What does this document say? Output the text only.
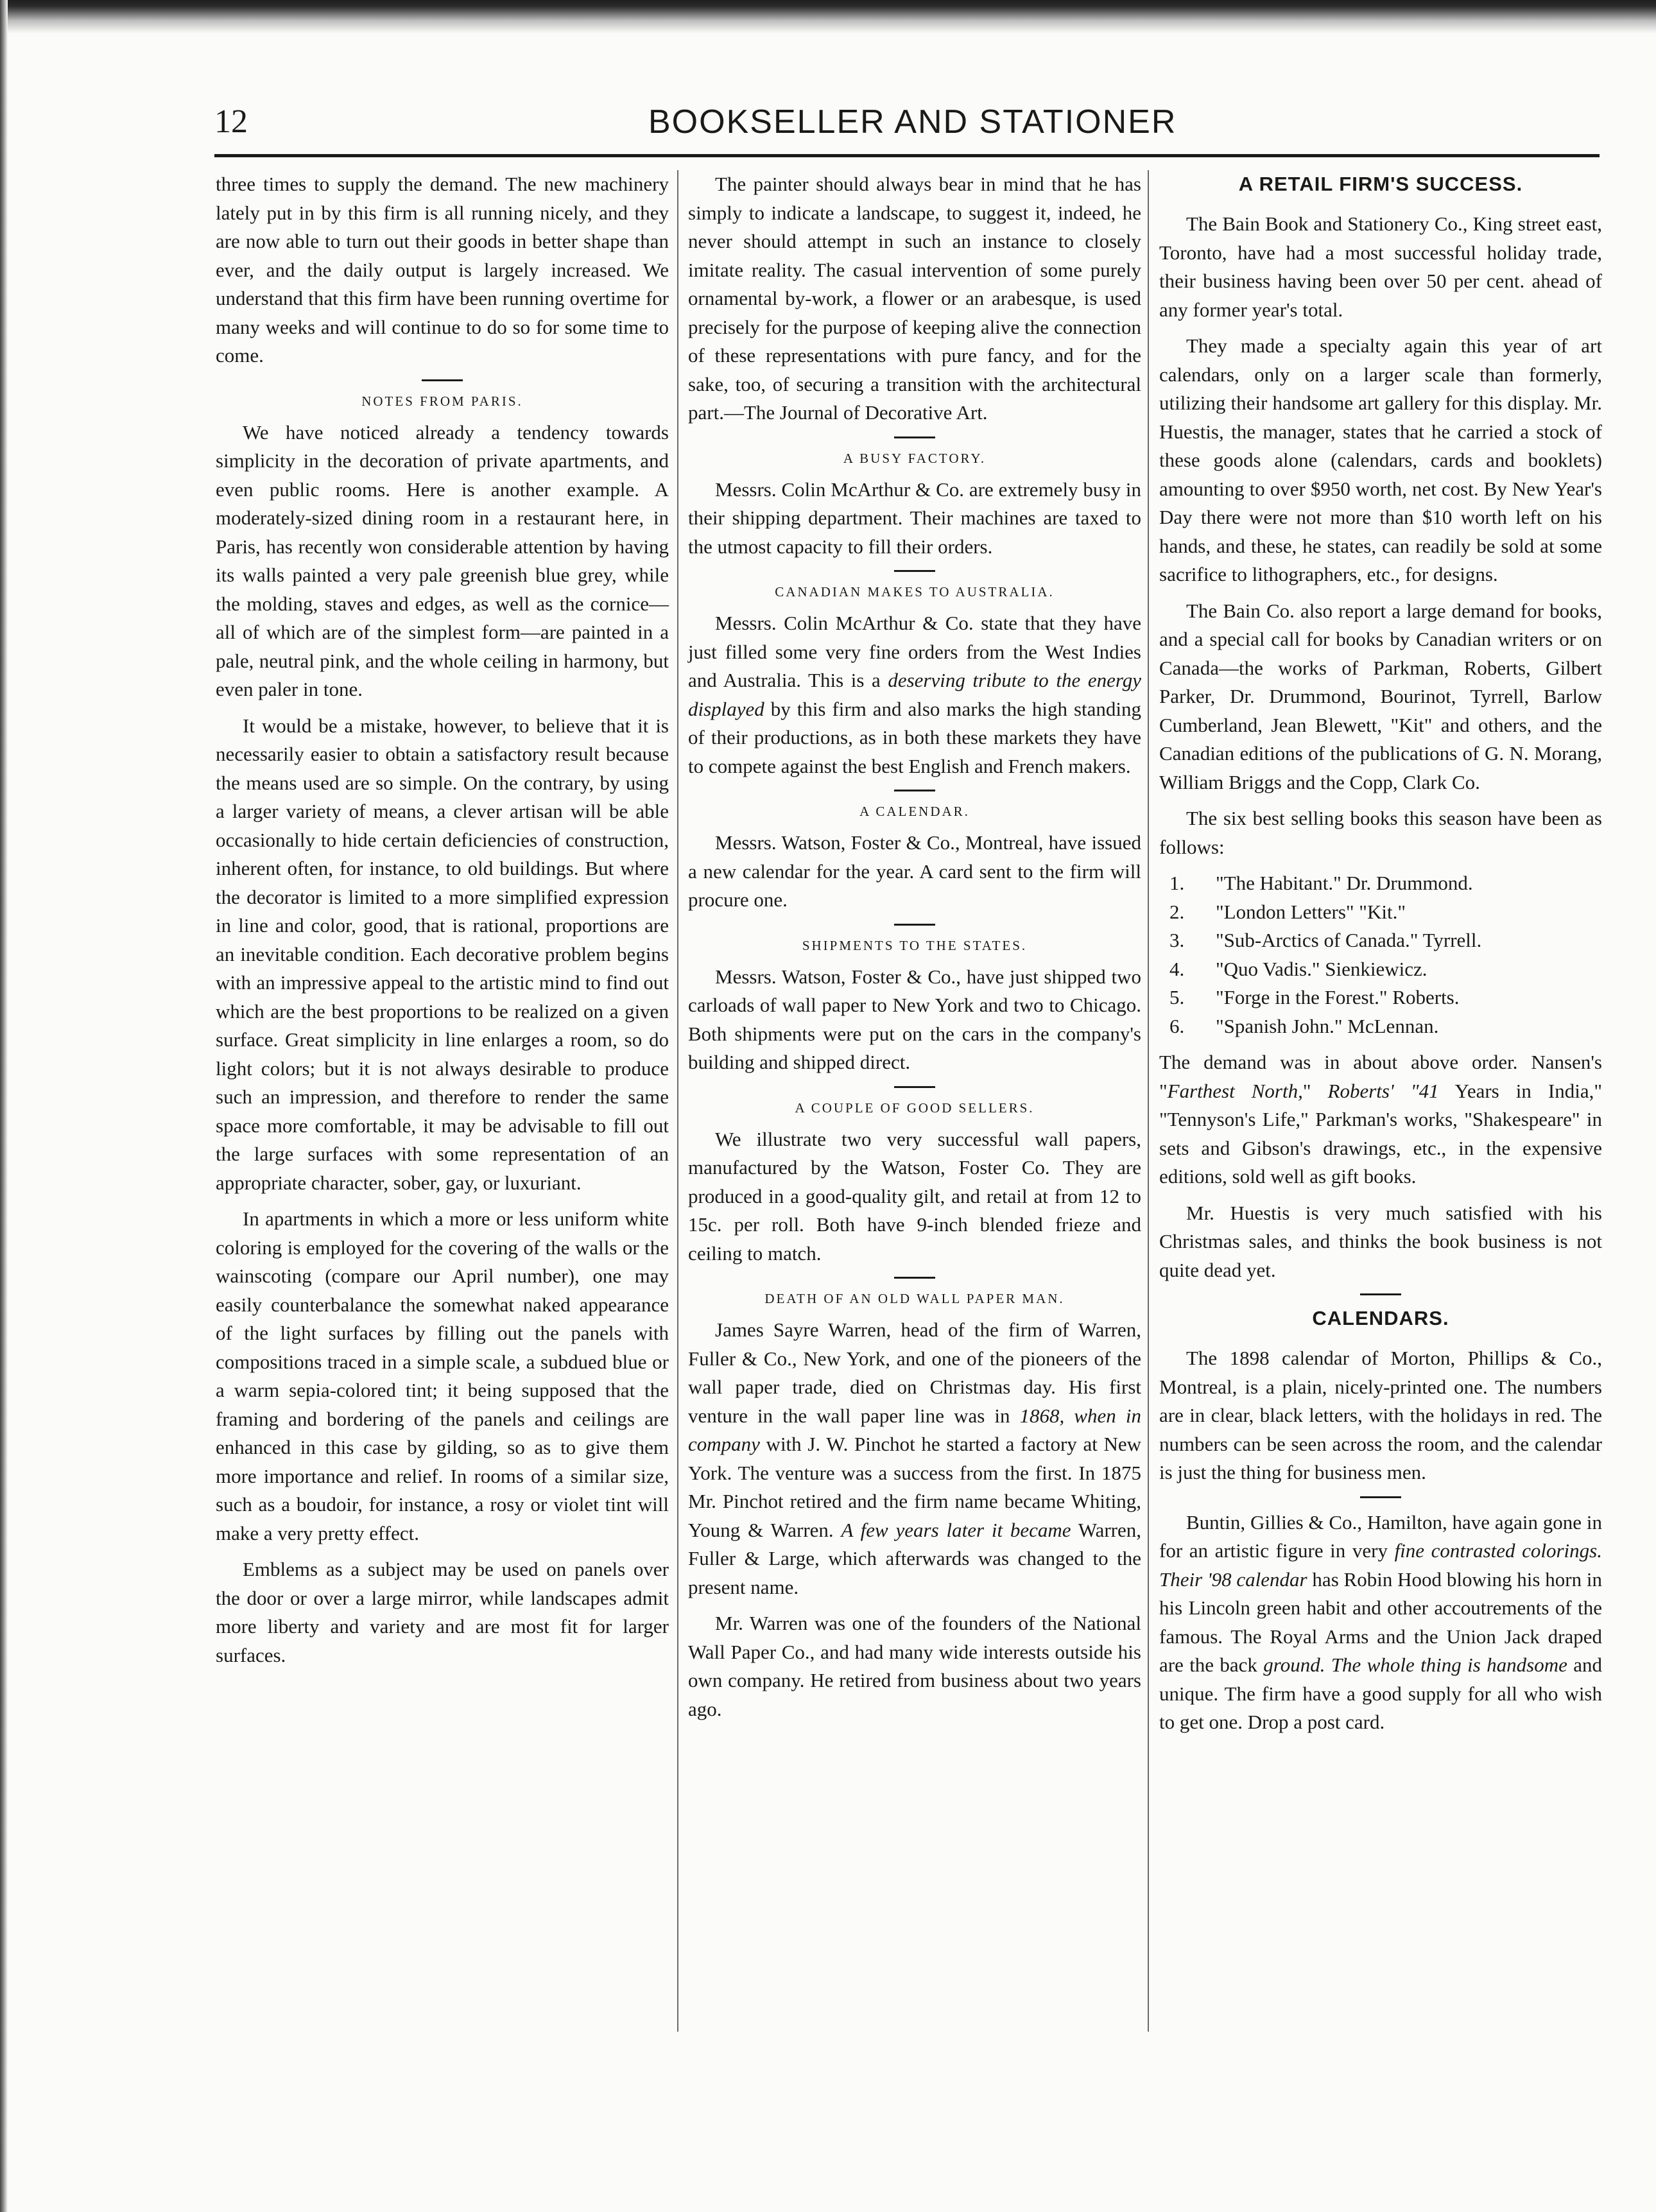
12	BOOKSELLER AND STATIONER

three times to supply the demand. The new machinery lately put in by this firm is all running nicely, and they are now able to turn out their goods in better shape than ever, and the daily output is largely increased. We understand that this firm have been running overtime for many weeks and will continue to do so for some time to come.

NOTES FROM PARIS.

We have noticed already a tendency towards simplicity in the decoration of private apartments, and even public rooms. Here is another example. A moderately-sized dining room in a restaurant here, in Paris, has recently won considerable attention by having its walls painted a very pale greenish blue grey, while the molding, staves and edges, as well as the cornice—all of which are of the simplest form—are painted in a pale, neutral pink, and the whole ceiling in harmony, but even paler in tone.

It would be a mistake, however, to believe that it is necessarily easier to obtain a satisfactory result because the means used are so simple. On the contrary, by using a larger variety of means, a clever artisan will be able occasionally to hide certain deficiencies of construction, inherent often, for instance, to old buildings. But where the decorator is limited to a more simplified expression in line and color, good, that is rational, proportions are an inevitable condition. Each decorative problem begins with an impressive appeal to the artistic mind to find out which are the best proportions to be realized on a given surface. Great simplicity in line enlarges a room, so do light colors; but it is not always desirable to produce such an impression, and therefore to render the same space more comfortable, it may be advisable to fill out the large surfaces with some representation of an appropriate character, sober, gay, or luxuriant.

In apartments in which a more or less uniform white coloring is employed for the covering of the walls or the wainscoting (compare our April number), one may easily counterbalance the somewhat naked appearance of the light surfaces by filling out the panels with compositions traced in a simple scale, a subdued blue or a warm sepia-colored tint; it being supposed that the framing and bordering of the panels and ceilings are enhanced in this case by gilding, so as to give them more importance and relief. In rooms of a similar size, such as a boudoir, for instance, a rosy or violet tint will make a very pretty effect.

Emblems as a subject may be used on panels over the door or over a large mirror, while landscapes admit more liberty and variety and are most fit for larger surfaces.

The painter should always bear in mind that he has simply to indicate a landscape, to suggest it, indeed, he never should attempt in such an instance to closely imitate reality. The casual intervention of some purely ornamental by-work, a flower or an arabesque, is used precisely for the purpose of keeping alive the connection of these representations with pure fancy, and for the sake, too, of securing a transition with the architectural part.—The Journal of Decorative Art.

A BUSY FACTORY.

Messrs. Colin McArthur & Co. are extremely busy in their shipping department. Their machines are taxed to the utmost capacity to fill their orders.

CANADIAN MAKES TO AUSTRALIA.

Messrs. Colin McArthur & Co. state that they have just filled some very fine orders from the West Indies and Australia. This is a deserving tribute to the energy displayed by this firm and also marks the high standing of their productions, as in both these markets they have to compete against the best English and French makers.

A CALENDAR.

Messrs. Watson, Foster & Co., Montreal, have issued a new calendar for the year. A card sent to the firm will procure one.

SHIPMENTS TO THE STATES.

Messrs. Watson, Foster & Co., have just shipped two carloads of wall paper to New York and two to Chicago. Both shipments were put on the cars in the company's building and shipped direct.

A COUPLE OF GOOD SELLERS.

We illustrate two very successful wall papers, manufactured by the Watson, Foster Co. They are produced in a good-quality gilt, and retail at from 12 to 15c. per roll. Both have 9-inch blended frieze and ceiling to match.

DEATH OF AN OLD WALL PAPER MAN.

James Sayre Warren, head of the firm of Warren, Fuller & Co., New York, and one of the pioneers of the wall paper trade, died on Christmas day. His first venture in the wall paper line was in 1868, when in company with J. W. Pinchot he started a factory at New York. The venture was a success from the first. In 1875 Mr. Pinchot retired and the firm name became Whiting, Young & Warren. A few years later it became Warren, Fuller & Large, which afterwards was changed to the present name.

Mr. Warren was one of the founders of the National Wall Paper Co., and had many wide interests outside his own company. He retired from business about two years ago.

A RETAIL FIRM'S SUCCESS.

The Bain Book and Stationery Co., King street east, Toronto, have had a most successful holiday trade, their business having been over 50 per cent. ahead of any former year's total.

They made a specialty again this year of art calendars, only on a larger scale than formerly, utilizing their handsome art gallery for this display. Mr. Huestis, the manager, states that he carried a stock of these goods alone (calendars, cards and booklets) amounting to over $950 worth, net cost. By New Year's Day there were not more than $10 worth left on his hands, and these, he states, can readily be sold at some sacrifice to lithographers, etc., for designs.

The Bain Co. also report a large demand for books, and a special call for books by Canadian writers or on Canada—the works of Parkman, Roberts, Gilbert Parker, Dr. Drummond, Bourinot, Tyrrell, Barlow Cumberland, Jean Blewett, "Kit" and others, and the Canadian editions of the publications of G. N. Morang, William Briggs and the Copp, Clark Co.

The six best selling books this season have been as follows:

1.	"The Habitant." Dr. Drummond.
2.	"London Letters" "Kit."
3.	"Sub-Arctics of Canada." Tyrrell.
4.	"Quo Vadis." Sienkiewicz.
5.	"Forge in the Forest." Roberts.
6.	"Spanish John." McLennan.

The demand was in about above order. Nansen's "Farthest North," Roberts' "41 Years in India," "Tennyson's Life," Parkman's works, "Shakespeare" in sets and Gibson's drawings, etc., in the expensive editions, sold well as gift books.

Mr. Huestis is very much satisfied with his Christmas sales, and thinks the book business is not quite dead yet.

CALENDARS.

The 1898 calendar of Morton, Phillips & Co., Montreal, is a plain, nicely-printed one. The numbers are in clear, black letters, with the holidays in red. The numbers can be seen across the room, and the calendar is just the thing for business men.

Buntin, Gillies & Co., Hamilton, have again gone in for an artistic figure in very fine contrasted colorings. Their '98 calendar has Robin Hood blowing his horn in his Lincoln green habit and other accoutrements of the famous. The Royal Arms and the Union Jack draped are the back ground. The whole thing is handsome and unique. The firm have a good supply for all who wish to get one. Drop a post card.
